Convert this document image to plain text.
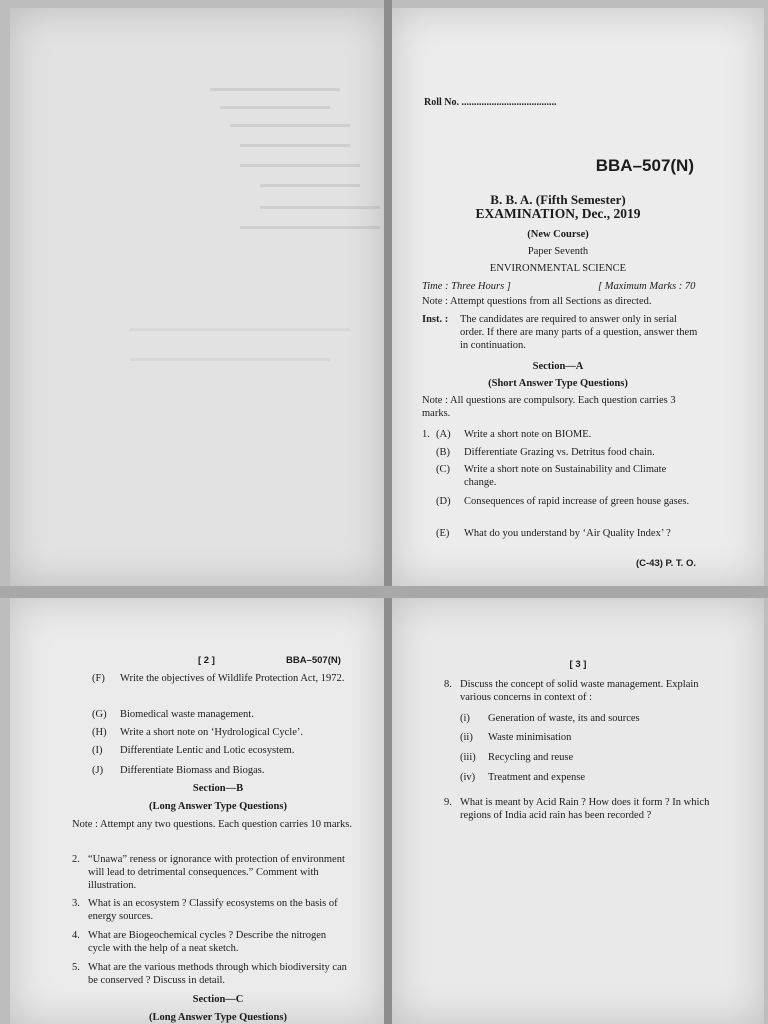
Roll No. ......................................
BBA–507(N)
B. B. A. (Fifth Semester)
EXAMINATION, Dec., 2019
(New Course)
Paper Seventh
ENVIRONMENTAL SCIENCE
Time : Three Hours ]	[ Maximum Marks : 70
Note : Attempt questions from all Sections as directed.
Inst. : The candidates are required to answer only in serial order. If there are many parts of a question, answer them in continuation.
Section—A
(Short Answer Type Questions)
Note : All questions are compulsory. Each question carries 3 marks.
1. (A) Write a short note on BIOME.
(B) Differentiate Grazing vs. Detritus food chain.
(C) Write a short note on Sustainability and Climate change.
(D) Consequences of rapid increase of green house gases.
(E) What do you understand by ‘Air Quality Index’ ?
(C-43) P. T. O.
[ 2 ]	BBA–507(N)
(F) Write the objectives of Wildlife Protection Act, 1972.
(G) Biomedical waste management.
(H) Write a short note on ‘Hydrological Cycle’.
(I) Differentiate Lentic and Lotic ecosystem.
(J) Differentiate Biomass and Biogas.
Section—B
(Long Answer Type Questions)
Note : Attempt any two questions. Each question carries 10 marks.
2. “Unawa” reness or ignorance with protection of environment will lead to detrimental consequences.” Comment with illustration.
3. What is an ecosystem ? Classify ecosystems on the basis of energy sources.
4. What are Biogeochemical cycles ? Describe the nitrogen cycle with the help of a neat sketch.
5. What are the various methods through which biodiversity can be conserved ? Discuss in detail.
Section—C
(Long Answer Type Questions)
[ 3 ]
8. Discuss the concept of solid waste management. Explain various concerns in context of :
(i) Generation of waste, its and sources
(ii) Waste minimisation
(iii) Recycling and reuse
(iv) Treatment and expense
9. What is meant by Acid Rain ? How does it form ? In which regions of India acid rain has been recorded ?
